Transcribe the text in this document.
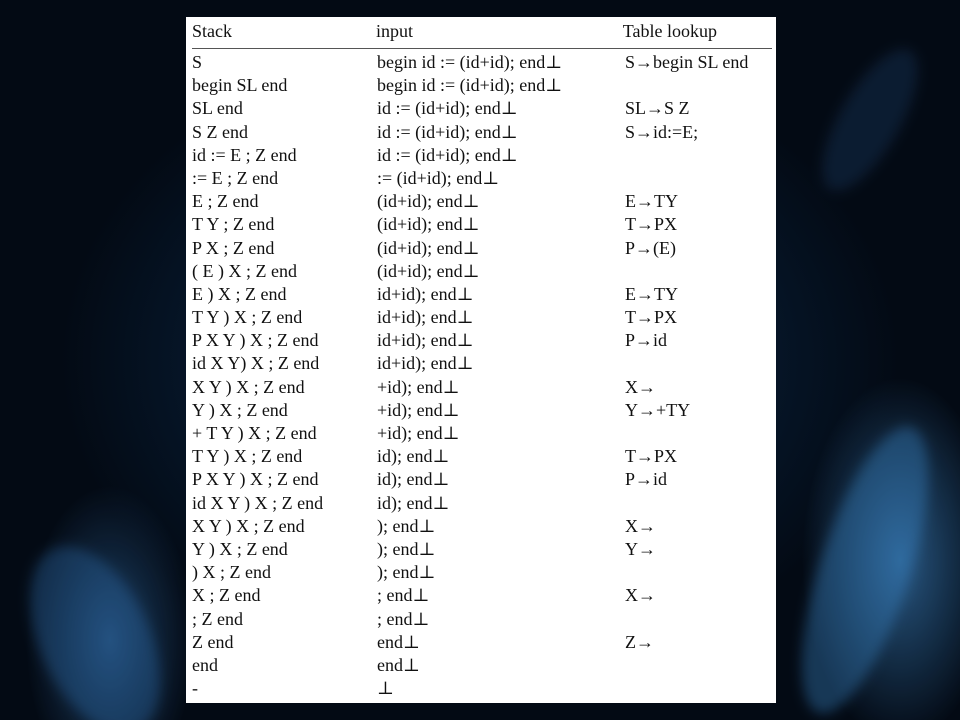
Stack	input	Table lookup
S	begin id := (id+id); end⊥	S→begin SL end
begin SL end	begin id := (id+id); end⊥
SL end	id := (id+id); end⊥	SL→S Z
S Z end	id := (id+id); end⊥	S→id:=E;
id := E ; Z end	id := (id+id); end⊥
:= E ; Z end	:= (id+id); end⊥
E ; Z end	(id+id); end⊥	E→TY
T Y ; Z end	(id+id); end⊥	T→PX
P X ; Z end	(id+id); end⊥	P→(E)
( E ) X ; Z end	(id+id); end⊥
E ) X ; Z end	id+id); end⊥	E→TY
T Y ) X ; Z end	id+id); end⊥	T→PX
P X Y ) X ; Z end	id+id); end⊥	P→id
id X Y) X ; Z end	id+id); end⊥
X Y ) X ; Z end	+id); end⊥	X→
Y ) X ; Z end	+id); end⊥	Y→+TY
+ T Y ) X ; Z end	+id); end⊥
T Y ) X ; Z end	id); end⊥	T→PX
P X Y ) X ; Z end	id); end⊥	P→id
id X Y ) X ; Z end	id); end⊥
X Y ) X ; Z end	); end⊥	X→
Y ) X ; Z end	); end⊥	Y→
) X ; Z end	); end⊥
X ; Z end	; end⊥	X→
; Z end	; end⊥
Z end	end⊥	Z→
end	end⊥
-	⊥
